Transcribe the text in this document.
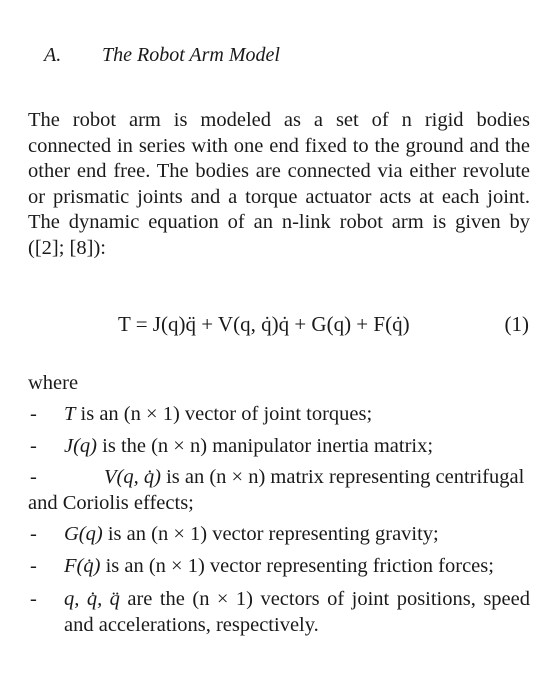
A. The Robot Arm Model
The robot arm is modeled as a set of n rigid bodies connected in series with one end fixed to the ground and the other end free. The bodies are connected via either revolute or prismatic joints and a torque actuator acts at each joint. The dynamic equation of an n-link robot arm is given by ([2]; [8]):
T = J(q)q̈ + V(q, q̇)q̇ + G(q) + F(q̇)	(1)
where
- T is an (n × 1) vector of joint torques;
- J(q) is the (n × n) manipulator inertia matrix;
-	V(q, q̇) is an (n × n) matrix representing centrifugal
and Coriolis effects;
- G(q) is an (n × 1) vector representing gravity;
- F(q̇) is an (n × 1) vector representing friction forces;
- q, q̇, q̈ are the (n × 1) vectors of joint positions, speed and accelerations, respectively.
